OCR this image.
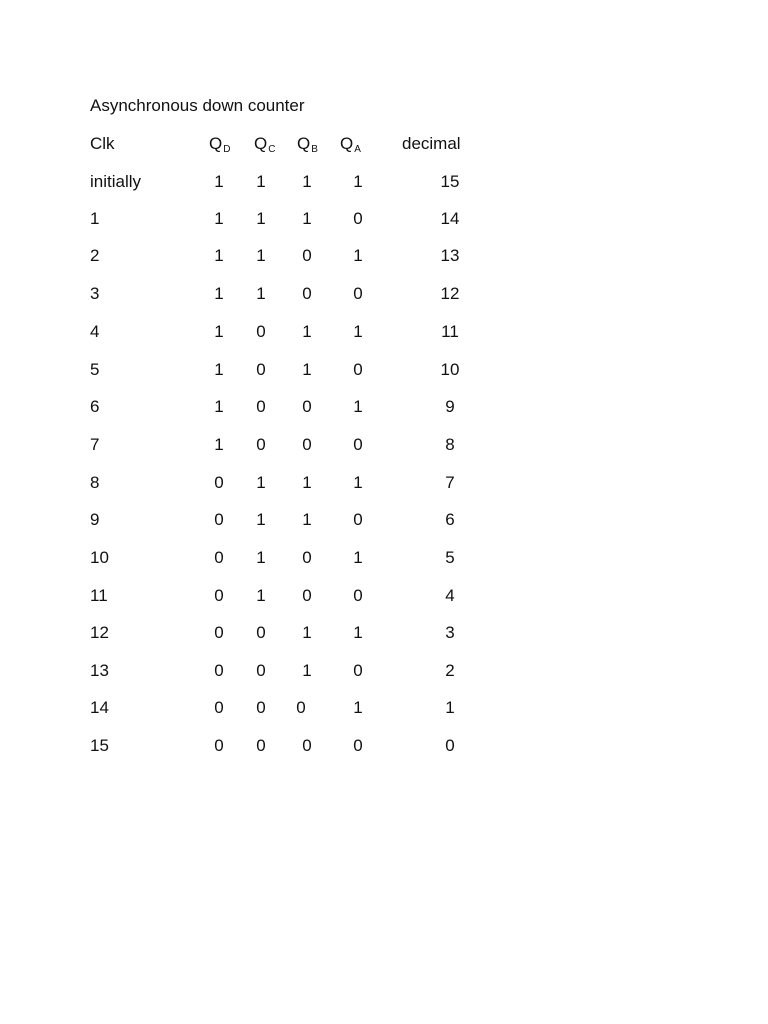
Asynchronous down counter
Clk	$Q_D$ $Q_C$ $Q_B$ $Q_A$ decimal
initially	1	1	1	1	15
1	1	1	1	0	14
2	1	1	0	1	13
3	1	1	0	0	12
4	1	0	1	1	11
5	1	0	1	0	10
6	1	0	0	1	9
7	1	0	0	0	8
8	0	1	1	1	7
9	0	1	1	0	6
10	0	1	0	1	5
11	0	1	0	0	4
12	0	0	1	1	3
13	0	0	1	0	2
14	0	0	0	1	1
15	0	0	0	0	0
